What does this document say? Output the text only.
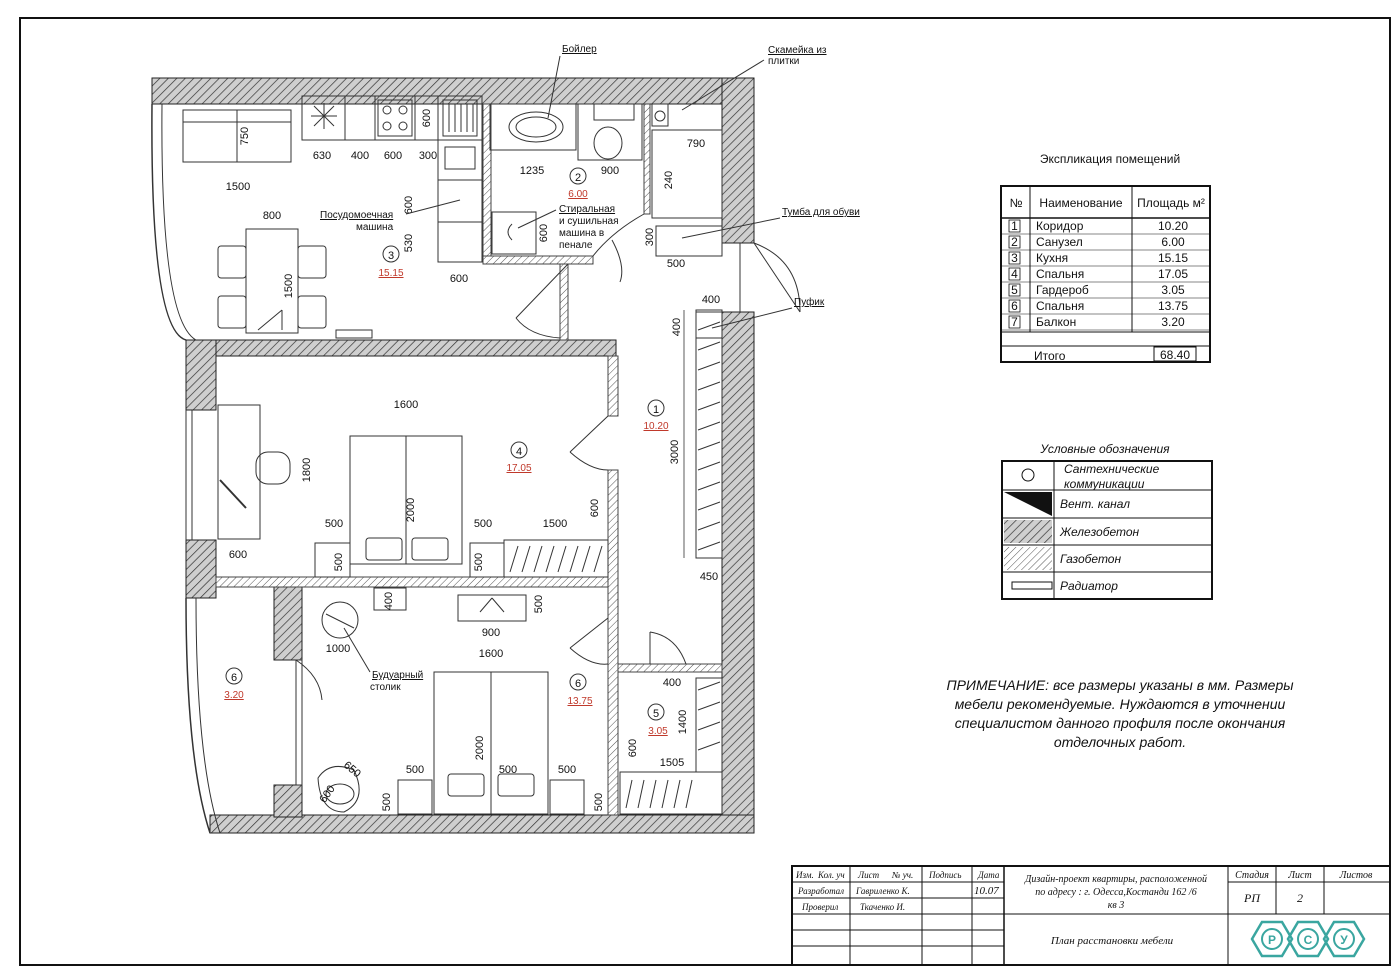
1
10.20
2
6.00
3
15.15
4
17.05
5
3.05
6
13.75
6
3.20
750
1500
630 400 600 300
600
1235	900
790
240
600
530
600
600	300
500
800
1500
400
400
1600
1800
2000
500	500	1500
500	500
600
600
3000
450
400	500
900
1000	1600
2000
500	500	500
500	500
650
600
400
1400
1505
600
Бойлер	Скамейка из
плитки
Посудомоечная
машина
Стиральная
и сушильная
машина в
пенале
Тумба для обуви
Пуфик
Будуарный
столик
Экспликация помещений
№ Наименование Площадь м²
1 Коридор	10.20
2 Санузел	6.00
3 Кухня	15.15
4 Спальня	17.05
5 Гардероб	3.05
6 Спальня	13.75
7 Балкон	3.20
Итого	68.40
Условные обозначения
Сантехнические
коммуникации
Вент. канал
Железобетон
Газобетон
Радиатор
ПРИМЕЧАНИЕ: все размеры указаны в мм. Размеры
мебели рекомендуемые. Нуждаются в уточнении
специалистом данного профиля после окончания
отделочных работ.
Изм. Кол. уч Лист № уч. Подпись Дата
Разработал Гавриленко К.	10.07
Проверил Ткаченко И.
Дизайн-проект квартиры, расположенной
по адресу : г. Одесса,Костанди 162 /6
кв 3
План расстановки мебели
Стадия Лист	Листов
РП	2
Р С У
